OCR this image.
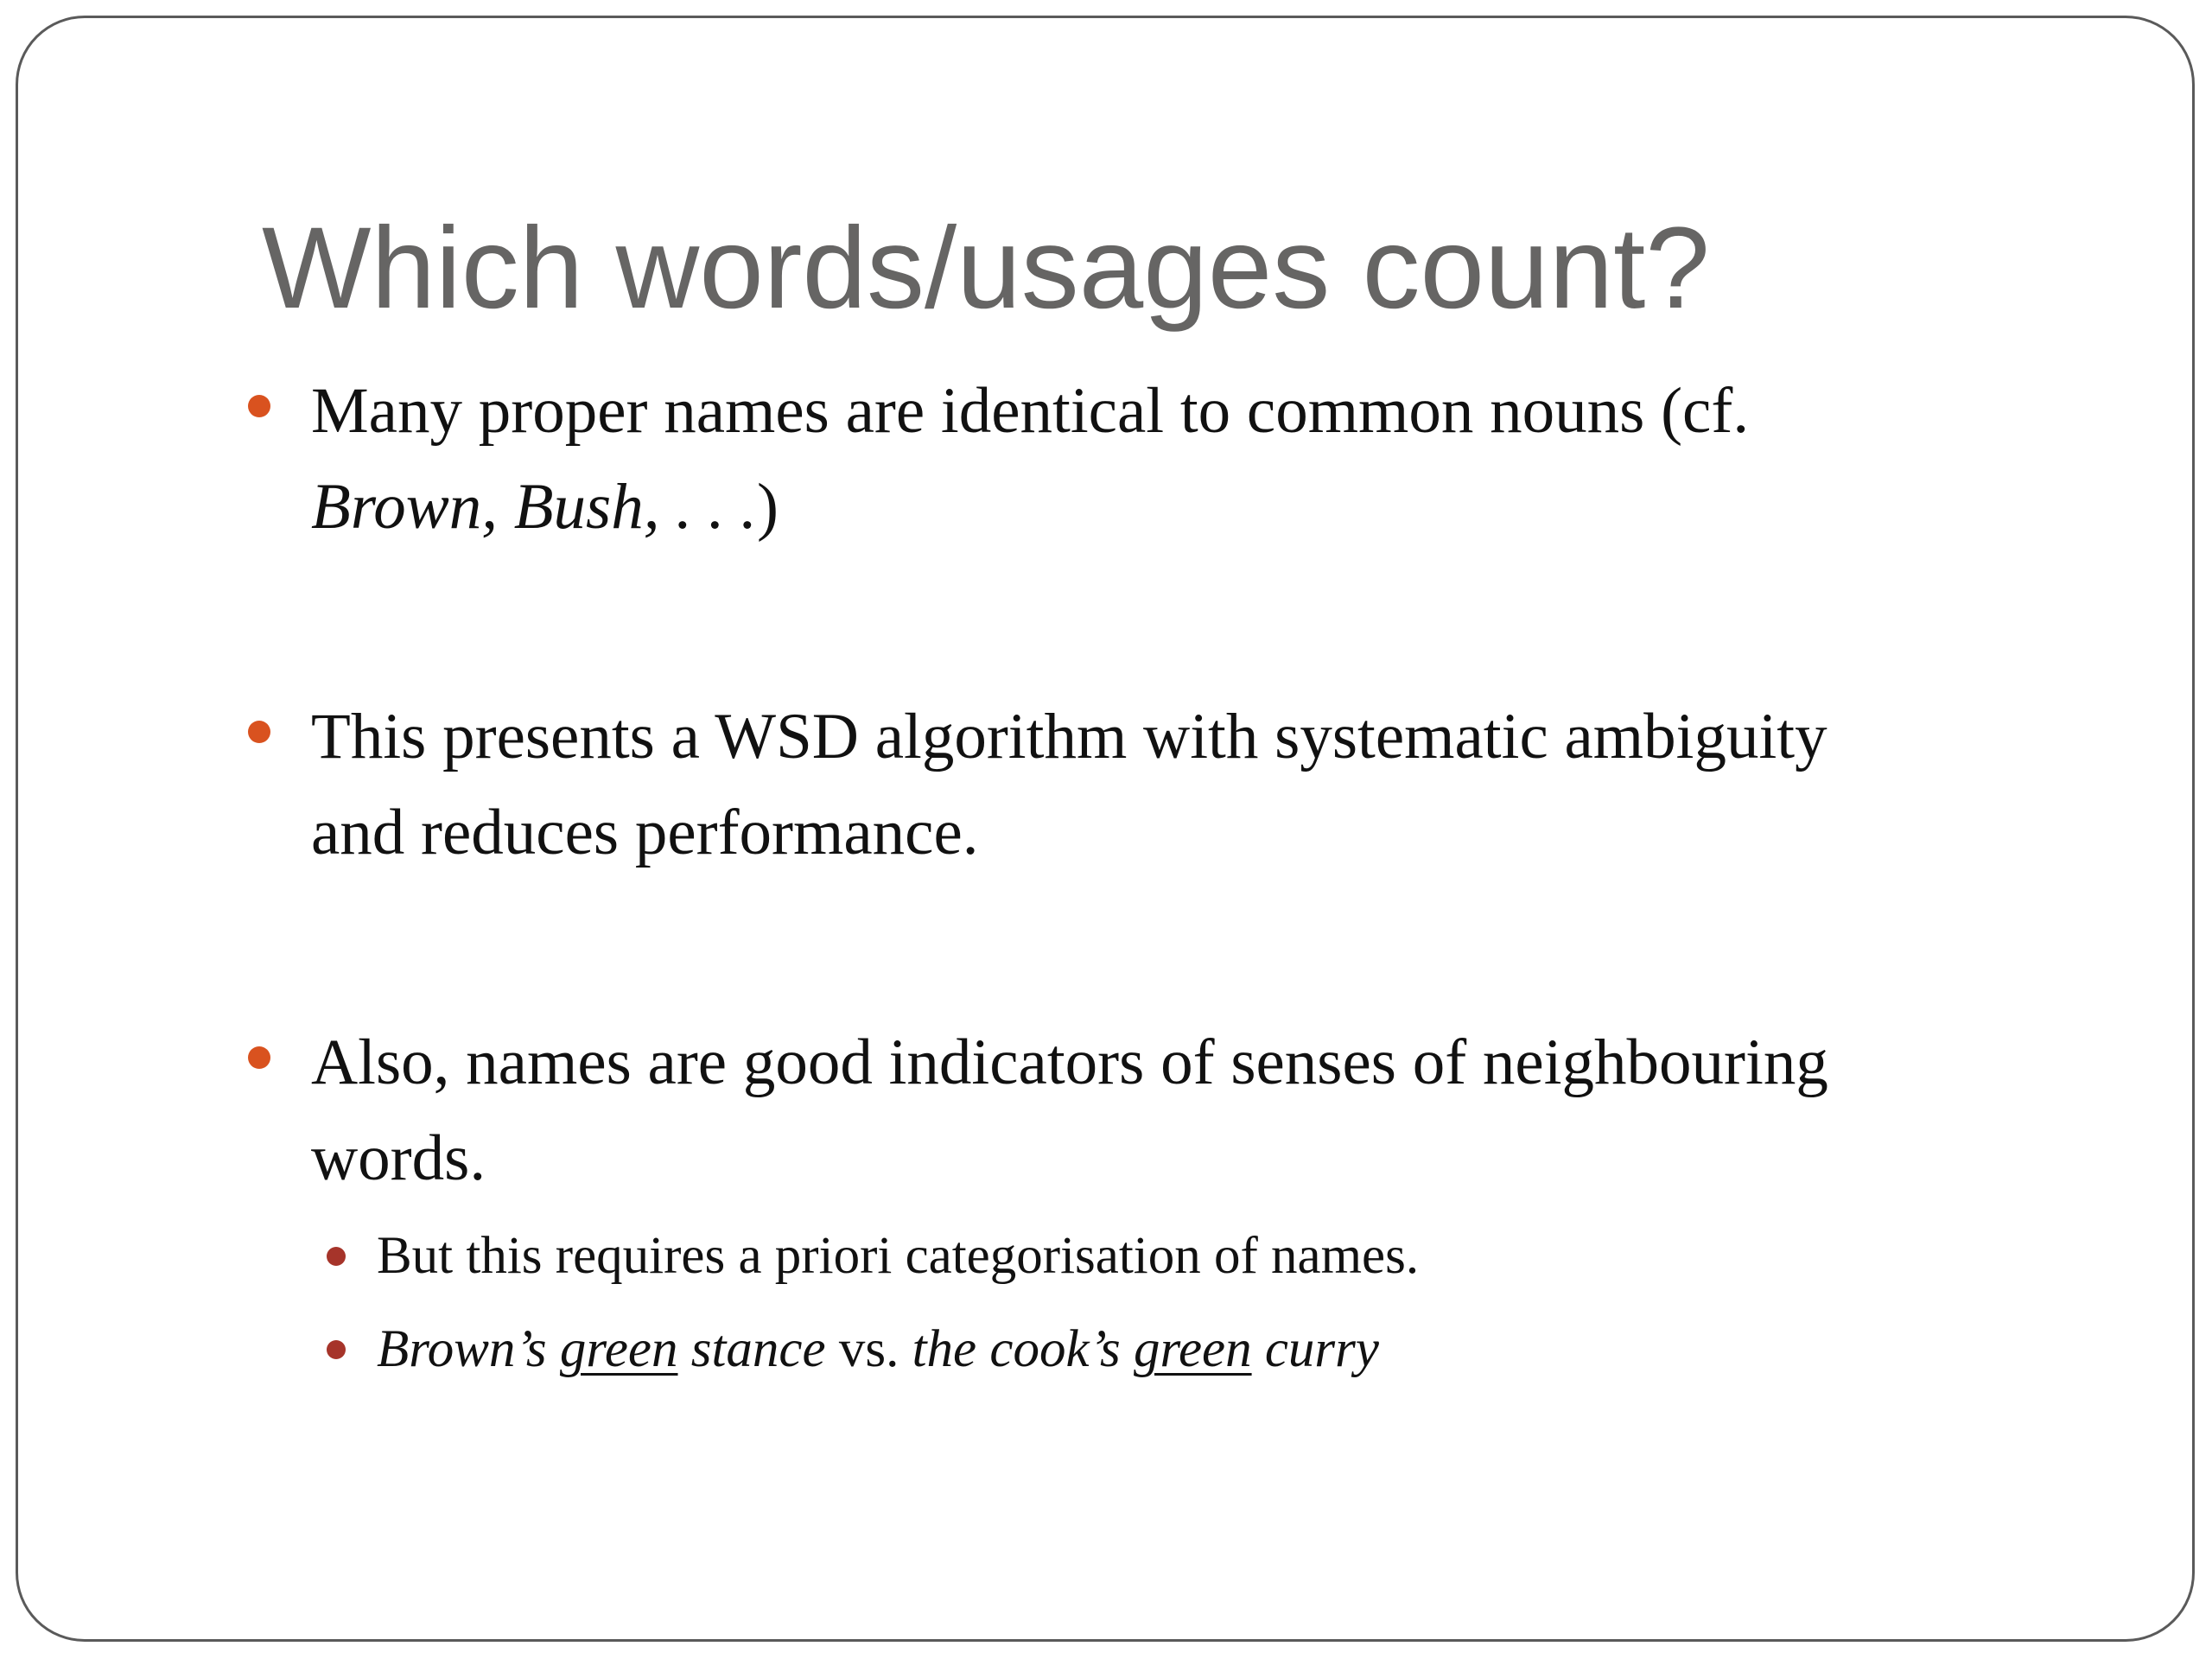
Which words/usages count?
Many proper names are identical to common nouns (cf.
Brown, Bush, . . .)
This presents a WSD algorithm with systematic ambiguity
and reduces performance.
Also, names are good indicators of senses of neighbouring
words.
But this requires a priori categorisation of names.
Brown’s green stance vs. the cook’s green curry
